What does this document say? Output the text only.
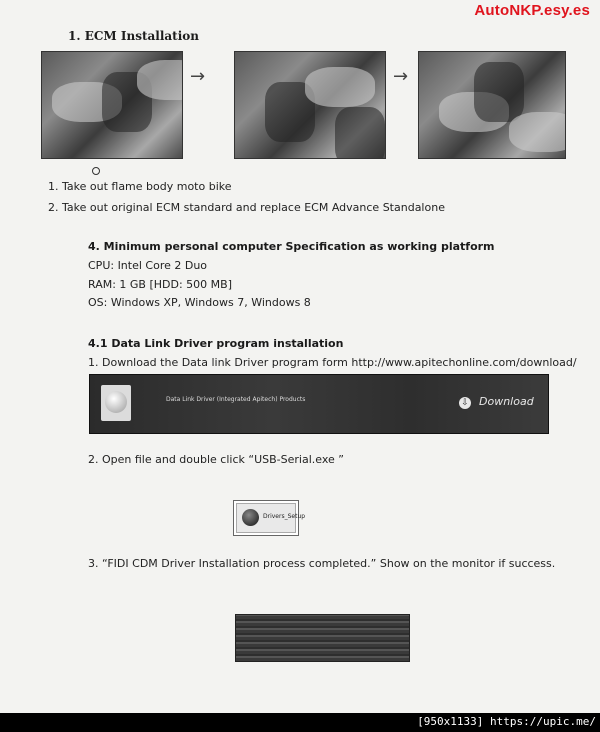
AutoNKP.esy.es
1. ECM Installation
→	→
1. Take out flame body moto bike
2. Take out original ECM standard and replace ECM Advance Standalone
4. Minimum personal computer Specification as working platform
CPU: Intel Core 2 Duo
RAM: 1 GB [HDD: 500 MB]
OS: Windows XP, Windows 7, Windows 8
4.1 Data Link Driver program installation
1. Download the Data link Driver program form http://www.apitechonline.com/download/
Data Link Driver (Integrated Apitech) Products	⇩ Download
2. Open file and double click “USB-Serial.exe ”
Drivers_Setup
3. “FIDI CDM Driver Installation process completed.” Show on the monitor if success.
[950x1133] https://upic.me/
